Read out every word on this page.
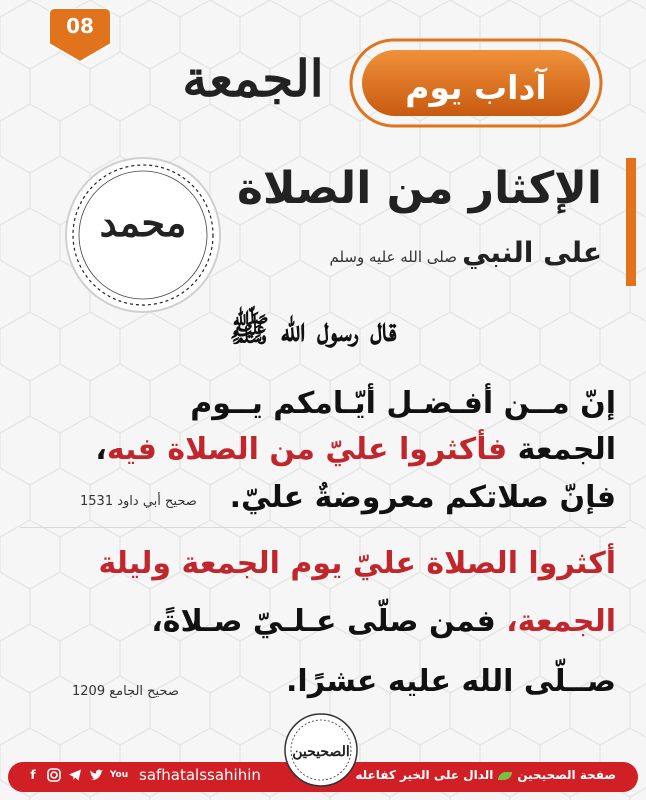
08
آداب يوم
الجمعة
محمد
الإكثار من الصلاة
على النبي صلى الله عليه وسلم
قال رسول الله ﷺ
إنّ مــن أفـضـل أيّـامكم يــوم
الجمعة فأكثروا عليّ من الصلاة فيه،
فإنّ صلاتكم معروضةٌ عليّ.
صحيح أبي داود 1531
أكثروا الصلاة عليّ يوم الجمعة وليلة
الجمعة، فمن صلّى عـلـيّ صـلاةً،
صــلّى الله عليه عشرًا.
صحيح الجامع 1209
الصحيحين
صفحة الصحيحينالدال على الخير كفاعله
f	You safhatalssahihin
